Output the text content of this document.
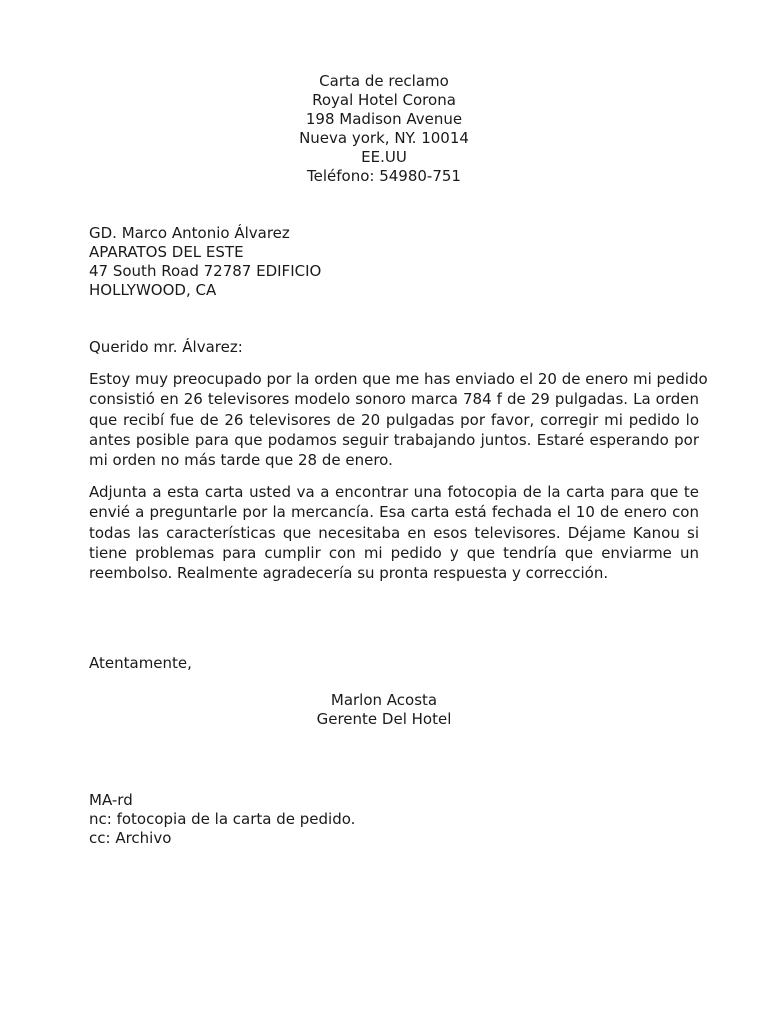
Carta de reclamo
Royal Hotel Corona
198 Madison Avenue
Nueva york, NY. 10014
EE.UU
Teléfono: 54980-751
GD. Marco Antonio Álvarez
APARATOS DEL ESTE
47 South Road 72787 EDIFICIO
HOLLYWOOD, CA
Querido mr. Álvarez:
Estoy muy preocupado por la orden que me has enviado el 20 de enero mi pedido
consistió en 26 televisores modelo sonoro marca 784 f de 29 pulgadas. La orden
que recibí fue de 26 televisores de 20 pulgadas por favor, corregir mi pedido lo
antes posible para que podamos seguir trabajando juntos. Estaré esperando por
mi orden no más tarde que 28 de enero.
Adjunta a esta carta usted va a encontrar una fotocopia de la carta para que te
envié a preguntarle por la mercancía. Esa carta está fechada el 10 de enero con
todas las características que necesitaba en esos televisores. Déjame Kanou si
tiene problemas para cumplir con mi pedido y que tendría que enviarme un
reembolso. Realmente agradecería su pronta respuesta y corrección.
Atentamente,
Marlon Acosta
Gerente Del Hotel
MA-rd
nc: fotocopia de la carta de pedido.
cc: Archivo
